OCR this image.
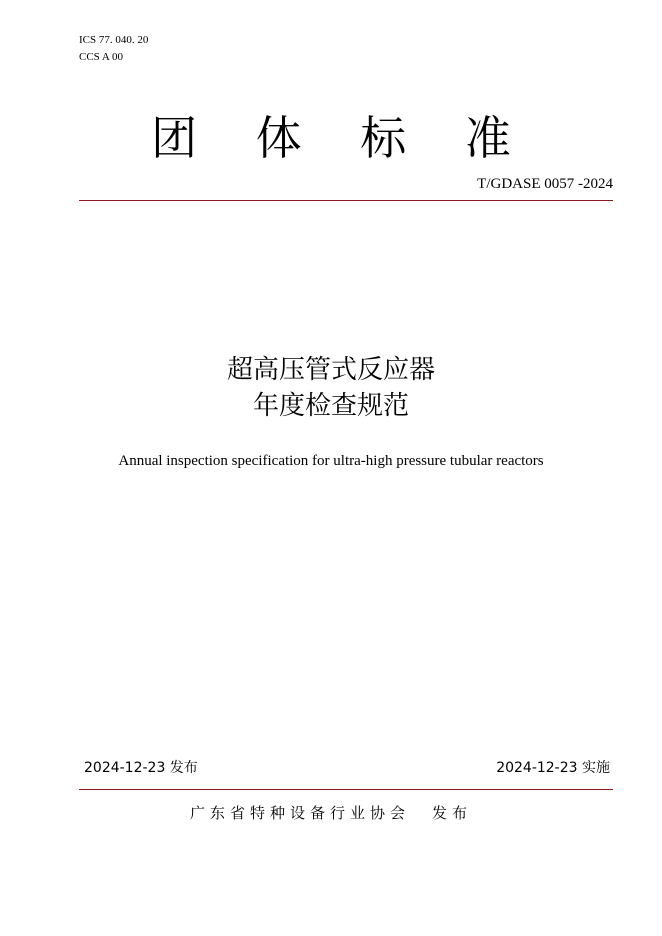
ICS 77. 040. 20
CCS A 00
团 体 标 准
T/GDASE 0057 -2024
超高压管式反应器
年度检查规范
Annual inspection specification for ultra-high pressure tubular reactors
2024-12-23 发布	2024-12-23 实施
广东省特种设备行业协会 发布
